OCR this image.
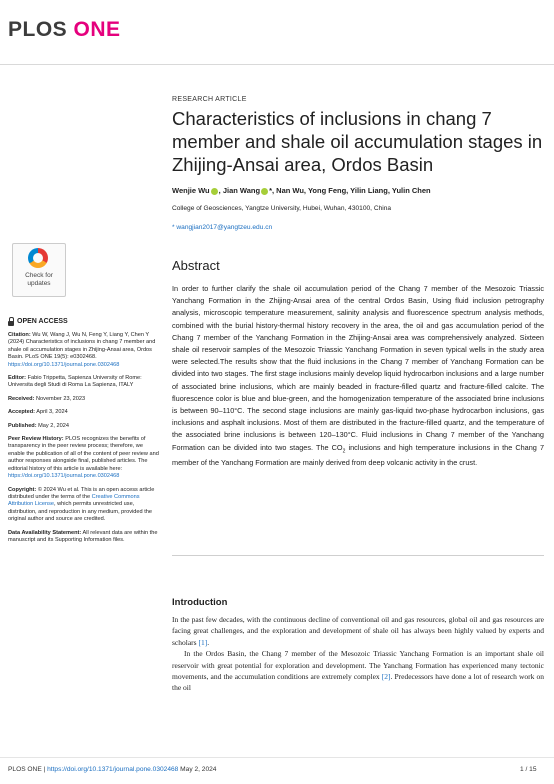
PLOS ONE
RESEARCH ARTICLE
Characteristics of inclusions in chang 7 member and shale oil accumulation stages in Zhijing-Ansai area, Ordos Basin
Wenjie Wu , Jian Wang *, Nan Wu, Yong Feng, Yilin Liang, Yulin Chen
College of Geosciences, Yangtze University, Hubei, Wuhan, 430100, China
* wangjian2017@yangtzeu.edu.cn
Check for
updates
OPEN ACCESS

Citation: Wu W, Wang J, Wu N, Feng Y, Liang Y, Chen Y (2024) Characteristics of inclusions in chang 7 member and shale oil accumulation stages in Zhijing-Ansai area, Ordos Basin. PLoS ONE 19(5): e0302468. https://doi.org/10.1371/journal.pone.0302468

Editor: Fabio Trippetta, Sapienza University of Rome: Universita degli Studi di Roma La Sapienza, ITALY

Received: November 23, 2023

Accepted: April 3, 2024

Published: May 2, 2024

Peer Review History: PLOS recognizes the benefits of transparency in the peer review process; therefore, we enable the publication of all of the content of peer review and author responses alongside final, published articles. The editorial history of this article is available here: https://doi.org/10.1371/journal.pone.0302468

Copyright: © 2024 Wu et al. This is an open access article distributed under the terms of the Creative Commons Attribution License, which permits unrestricted use, distribution, and reproduction in any medium, provided the original author and source are credited.

Data Availability Statement: All relevant data are within the manuscript and its Supporting Information files.

Abstract
In order to further clarify the shale oil accumulation period of the Chang 7 member of the Mesozoic Triassic Yanchang Formation in the Zhijing-Ansai area of the central Ordos Basin, Using fluid inclusion petrography analysis, microscopic temperature measurement, salinity analysis and fluorescence spectrum analysis methods, combined with the burial history-thermal history recovery in the area, the oil and gas accumulation period of the Chang 7 member of the Yanchang Formation in the Zhijing-Ansai area was comprehensively analyzed. Sixteen shale oil reservoir samples of the Mesozoic Triassic Yanchang Formation in seven typical wells in the study area were selected.The results show that the fluid inclusions in the Chang 7 member of Yanchang Formation can be divided into two stages. The first stage inclusions mainly develop liquid hydrocarbon inclusions and a large number of associated brine inclusions, which are mainly beaded in fracture-filled quartz and fracture-filled calcite. The fluorescence color is blue and blue-green, and the homogenization temperature of the associated brine inclusions is between 90–110°C. The second stage inclusions are mainly gas-liquid two-phase hydrocarbon inclusions, gas inclusions and asphalt inclusions. Most of them are distributed in the fracture-filled quartz, and the temperature of the associated brine inclusions is between 120–130°C. Fluid inclusions in Chang 7 member of the Yanchang Formation can be divided into two stages. The $CO_2$ inclusions and high temperature inclusions in the Chang 7 member of the Yanchang Formation are mainly derived from deep volcanic activity in the crust.
Introduction

In the past few decades, with the continuous decline of conventional oil and gas resources, global oil and gas resources are facing great challenges, and the exploration and development of shale oil has always been highly valued by experts and scholars [1].

In the Ordos Basin, the Chang 7 member of the Mesozoic Triassic Yanchang Formation is an important shale oil reservoir with great potential for exploration and development. The Yanchang Formation has experienced many tectonic movements, and the accumulation conditions are extremely complex [2]. Predecessors have done a lot of research work on the oil

PLOS ONE | https://doi.org/10.1371/journal.pone.0302468 May 2, 2024	1 / 15
